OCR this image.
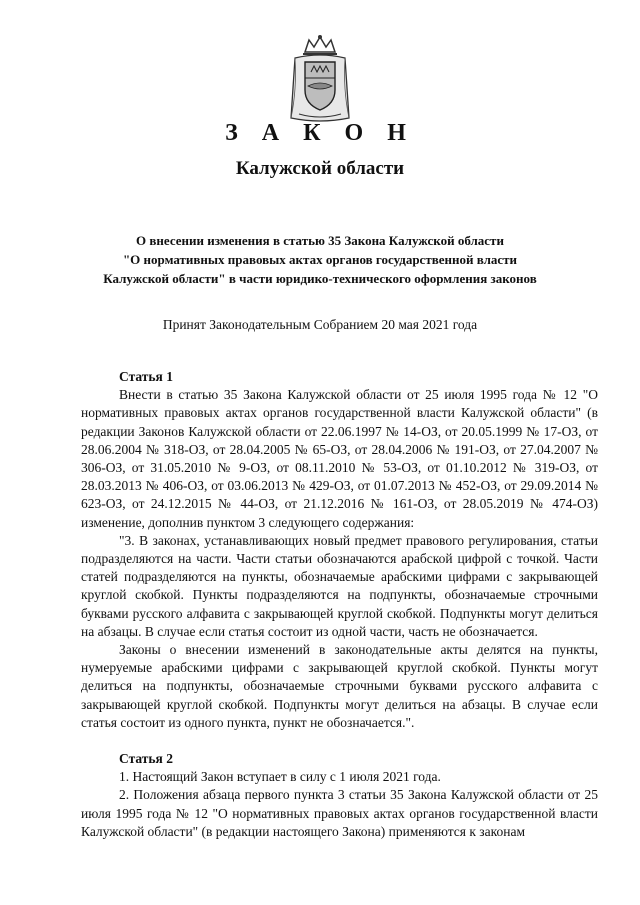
З А К О Н
Калужской области
О внесении изменения в статью 35 Закона Калужской области
"О нормативных правовых актах органов государственной власти
Калужской области" в части юридико-технического оформления законов
Принят Законодательным Собранием 20 мая 2021 года
Статья 1

Внести в статью 35 Закона Калужской области от 25 июля 1995 года № 12 "О нормативных правовых актах органов государственной власти Калужской области" (в редакции Законов Калужской области от 22.06.1997 № 14-ОЗ, от 20.05.1999 № 17-ОЗ, от 28.06.2004 № 318-ОЗ, от 28.04.2005 № 65-ОЗ, от 28.04.2006 № 191-ОЗ, от 27.04.2007 № 306-ОЗ, от 31.05.2010 № 9-ОЗ, от 08.11.2010 № 53-ОЗ, от 01.10.2012 № 319-ОЗ, от 28.03.2013 № 406-ОЗ, от 03.06.2013 № 429-ОЗ, от 01.07.2013 № 452-ОЗ, от 29.09.2014 № 623-ОЗ, от 24.12.2015 № 44-ОЗ, от 21.12.2016 № 161-ОЗ, от 28.05.2019 № 474-ОЗ) изменение, дополнив пунктом 3 следующего содержания:

"3. В законах, устанавливающих новый предмет правового регулирования, статьи подразделяются на части. Части статьи обозначаются арабской цифрой с точкой. Части статей подразделяются на пункты, обозначаемые арабскими цифрами с закрывающей круглой скобкой. Пункты подразделяются на подпункты, обозначаемые строчными буквами русского алфавита с закрывающей круглой скобкой. Подпункты могут делиться на абзацы. В случае если статья состоит из одной части, часть не обозначается.

Законы о внесении изменений в законодательные акты делятся на пункты, нумеруемые арабскими цифрами с закрывающей круглой скобкой. Пункты могут делиться на подпункты, обозначаемые строчными буквами русского алфавита с закрывающей круглой скобкой. Подпункты могут делиться на абзацы. В случае если статья состоит из одного пункта, пункт не обозначается.".

Статья 2

1. Настоящий Закон вступает в силу с 1 июля 2021 года.

2. Положения абзаца первого пункта 3 статьи 35 Закона Калужской области от 25 июля 1995 года № 12 "О нормативных правовых актах органов государственной власти Калужской области" (в редакции настоящего Закона) применяются к законам
